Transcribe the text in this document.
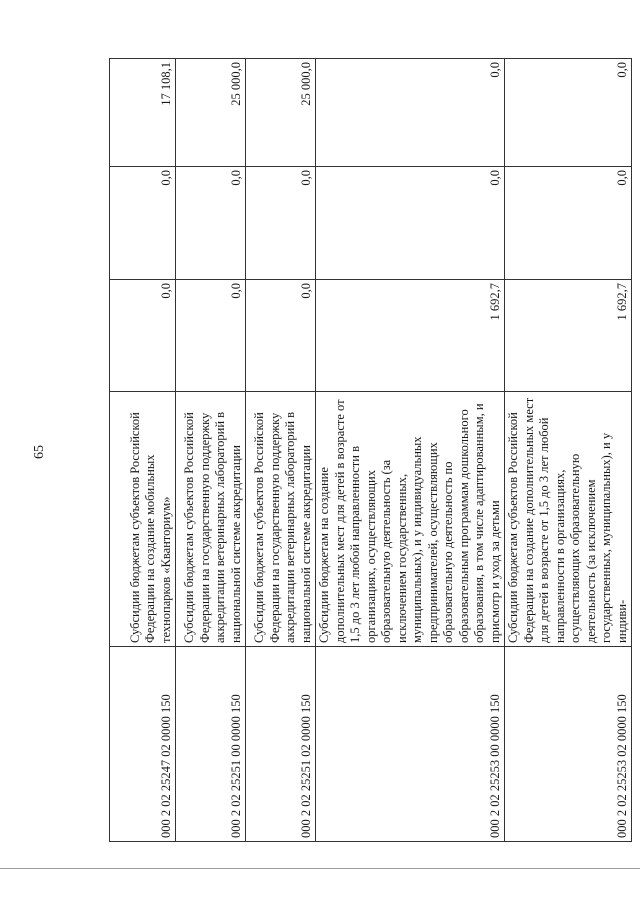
65
000 2 02 25247 02 0000 150	Субсидии бюджетам субъектов Российской Федерации на создание мобильных технопарков «Кванториум»	0,0	0,0	17 108,1
000 2 02 25251 00 0000 150	Субсидии бюджетам субъектов Российской Федерации на государственную поддержку аккредитации ветеринарных лабораторий в национальной системе аккредитации	0,0	0,0	25 000,0
000 2 02 25251 02 0000 150	Субсидии бюджетам субъектов Российской Федерации на государственную поддержку аккредитации ветеринарных лабораторий в национальной системе аккредитации	0,0	0,0	25 000,0
000 2 02 25253 00 0000 150	Субсидии бюджетам на создание дополнительных мест для детей в возрасте от 1,5 до 3 лет любой направленности в организациях, осуществляющих образовательную деятельность (за исключением государственных, муниципальных), и у индивидуальных предпринимателей, осуществляющих образовательную деятельность по образовательным программам дошкольного образования, в том числе адаптированным, и присмотр и уход за детьми	1 692,7	0,0	0,0
000 2 02 25253 02 0000 150	Субсидии бюджетам субъектов Российской Федерации на создание дополнительных мест для детей в возрасте от 1,5 до 3 лет любой направленности в организациях, осуществляющих образовательную деятельность (за исключением государственных, муниципальных), и у индиви-	1 692,7	0,0	0,0
